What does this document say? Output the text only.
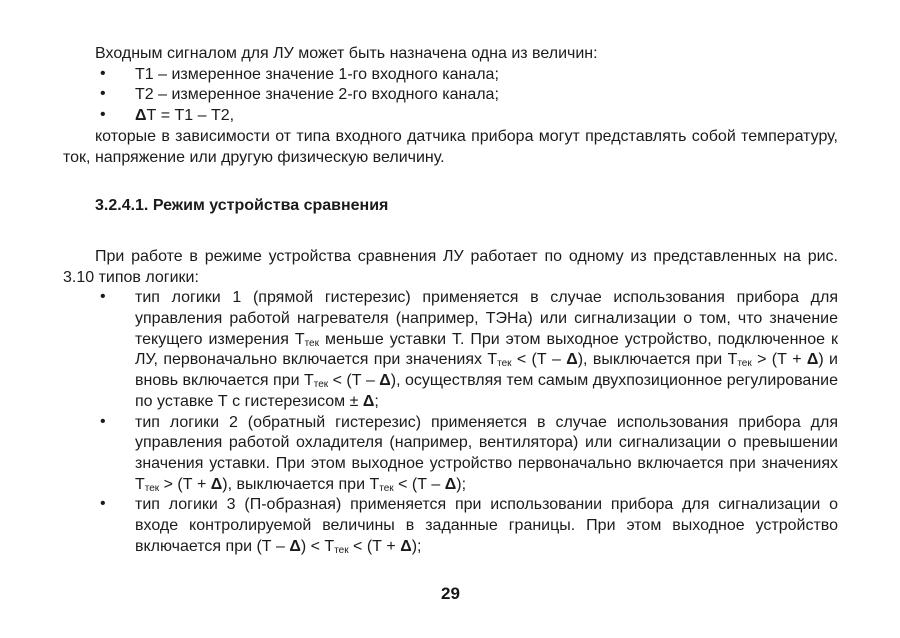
Входным сигналом для ЛУ может быть назначена одна из величин:

• Т1 – измеренное значение 1-го входного канала;
• Т2 – измеренное значение 2-го входного канала;
• ΔТ = Т1 – Т2,

которые в зависимости от типа входного датчика прибора могут представлять собой температуру, ток, напряжение или другую физическую величину.

3.2.4.1. Режим устройства сравнения

При работе в режиме устройства сравнения ЛУ работает по одному из представленных на рис. 3.10 типов логики:

• тип логики 1 (прямой гистерезис) применяется в случае использования прибора для управления работой нагревателя (например, ТЭНа) или сигнализации о том, что значение текущего измерения $Т_{тек}$ меньше уставки Т. При этом выходное устройство, подключенное к ЛУ, первоначально включается при значениях $Т_{тек} < (Т - \Delta)$, выключается при $Т_{тек} > (Т + \Delta)$ и вновь включается при $Т_{тек} < (Т - \Delta)$, осуществляя тем самым двухпозиционное регулирование по уставке Т с гистерезисом ± Δ;
• тип логики 2 (обратный гистерезис) применяется в случае использования прибора для управления работой охладителя (например, вентилятора) или сигнализации о превышении значения уставки. При этом выходное устройство первоначально включается при значениях $Т_{тек} > (Т + \Delta)$, выключается при $Т_{тек} < (Т - \Delta)$;
• тип логики 3 (П-образная) применяется при использовании прибора для сигнализации о входе контролируемой величины в заданные границы. При этом выходное устройство включается при $(Т - \Delta) < Т_{тек} < (Т + \Delta)$;
29
